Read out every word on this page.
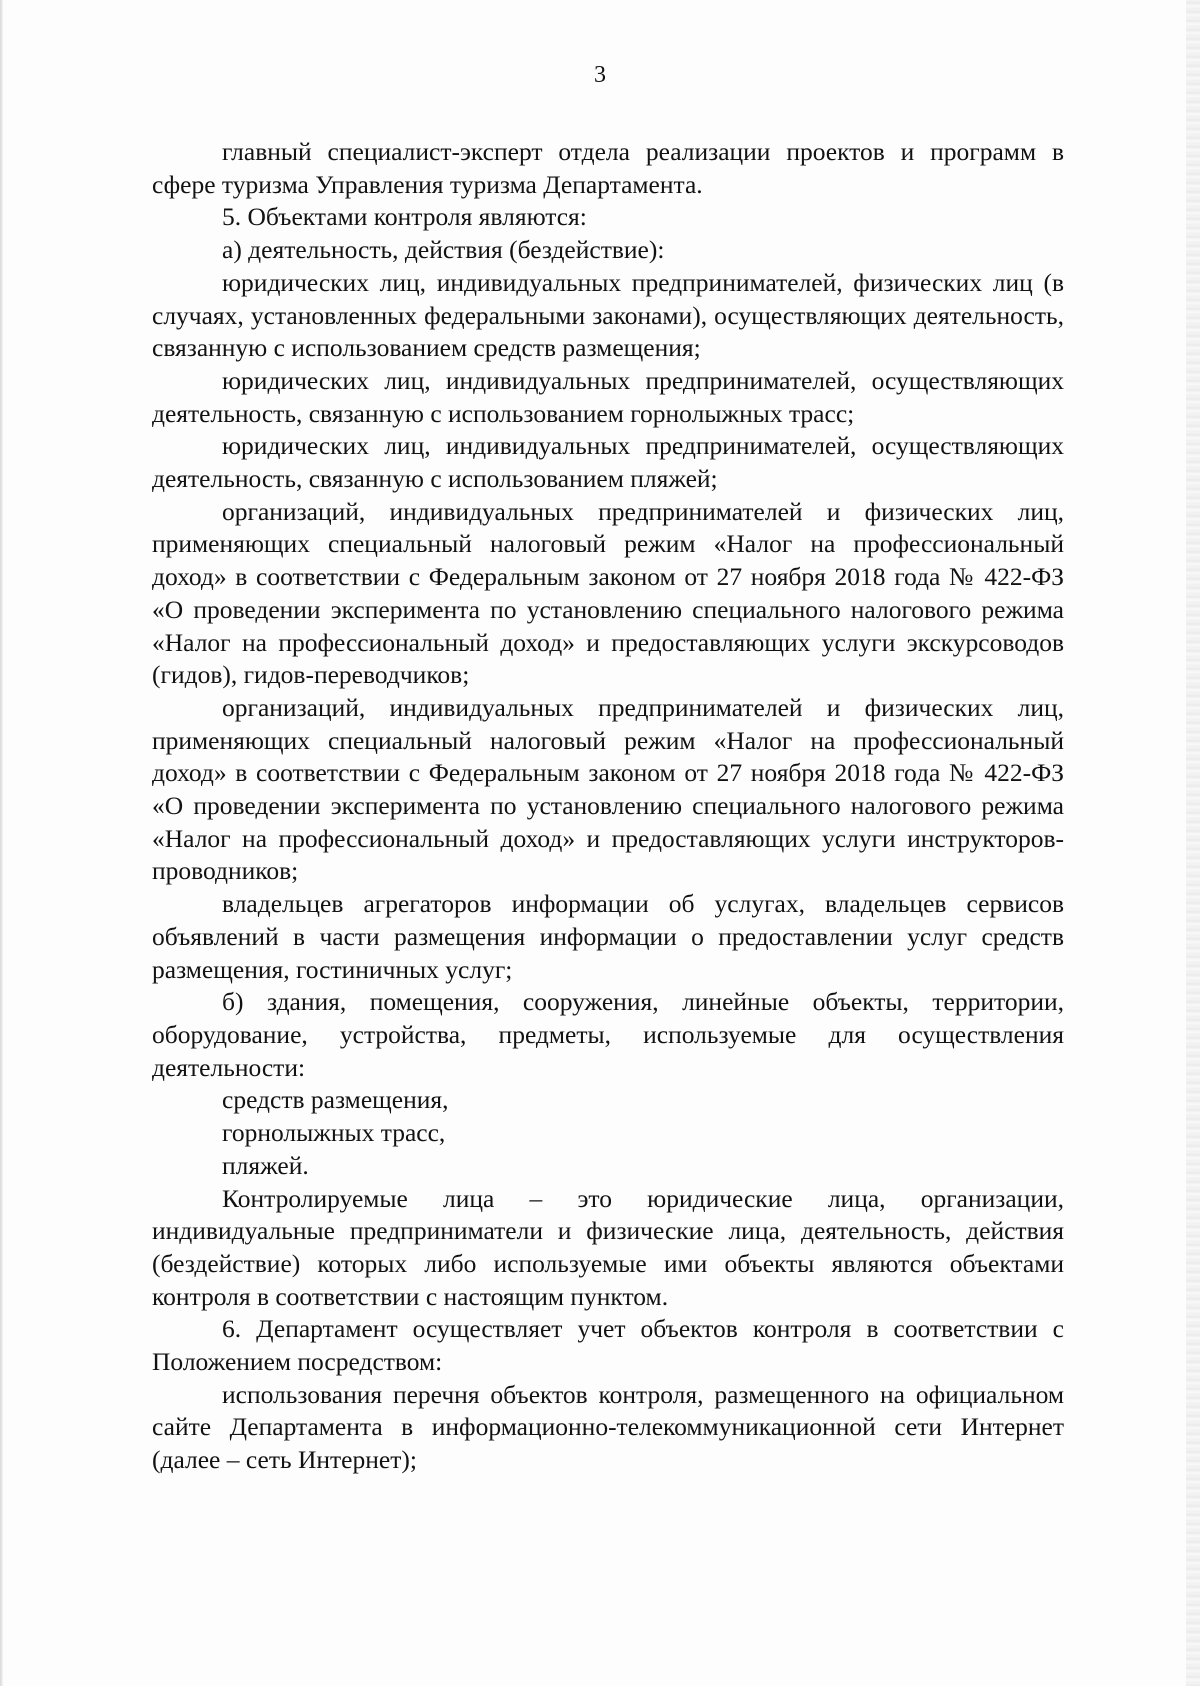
3

главный специалист-эксперт отдела реализации проектов и программ в сфере туризма Управления туризма Департамента.

5. Объектами контроля являются:

а) деятельность, действия (бездействие):

юридических лиц, индивидуальных предпринимателей, физических лиц (в случаях, установленных федеральными законами), осуществляющих деятельность, связанную с использованием средств размещения;

юридических лиц, индивидуальных предпринимателей, осуществляющих деятельность, связанную с использованием горнолыжных трасс;

юридических лиц, индивидуальных предпринимателей, осуществляющих деятельность, связанную с использованием пляжей;

организаций, индивидуальных предпринимателей и физических лиц, применяющих специальный налоговый режим «Налог на профессиональный доход» в соответствии с Федеральным законом от 27 ноября 2018 года № 422-ФЗ «О проведении эксперимента по установлению специального налогового режима «Налог на профессиональный доход» и предоставляющих услуги экскурсоводов (гидов), гидов-переводчиков;

организаций, индивидуальных предпринимателей и физических лиц, применяющих специальный налоговый режим «Налог на профессиональный доход» в соответствии с Федеральным законом от 27 ноября 2018 года № 422-ФЗ «О проведении эксперимента по установлению специального налогового режима «Налог на профессиональный доход» и предоставляющих услуги инструкторов-проводников;

владельцев агрегаторов информации об услугах, владельцев сервисов объявлений в части размещения информации о предоставлении услуг средств размещения, гостиничных услуг;

б) здания, помещения, сооружения, линейные объекты, территории, оборудование, устройства, предметы, используемые для осуществления деятельности:

средств размещения,

горнолыжных трасс,

пляжей.

Контролируемые лица – это юридические лица, организации, индивидуальные предприниматели и физические лица, деятельность, действия (бездействие) которых либо используемые ими объекты являются объектами контроля в соответствии с настоящим пунктом.

6. Департамент осуществляет учет объектов контроля в соответствии с Положением посредством:

использования перечня объектов контроля, размещенного на официальном сайте Департамента в информационно-телекоммуникационной сети Интернет (далее – сеть Интернет);
